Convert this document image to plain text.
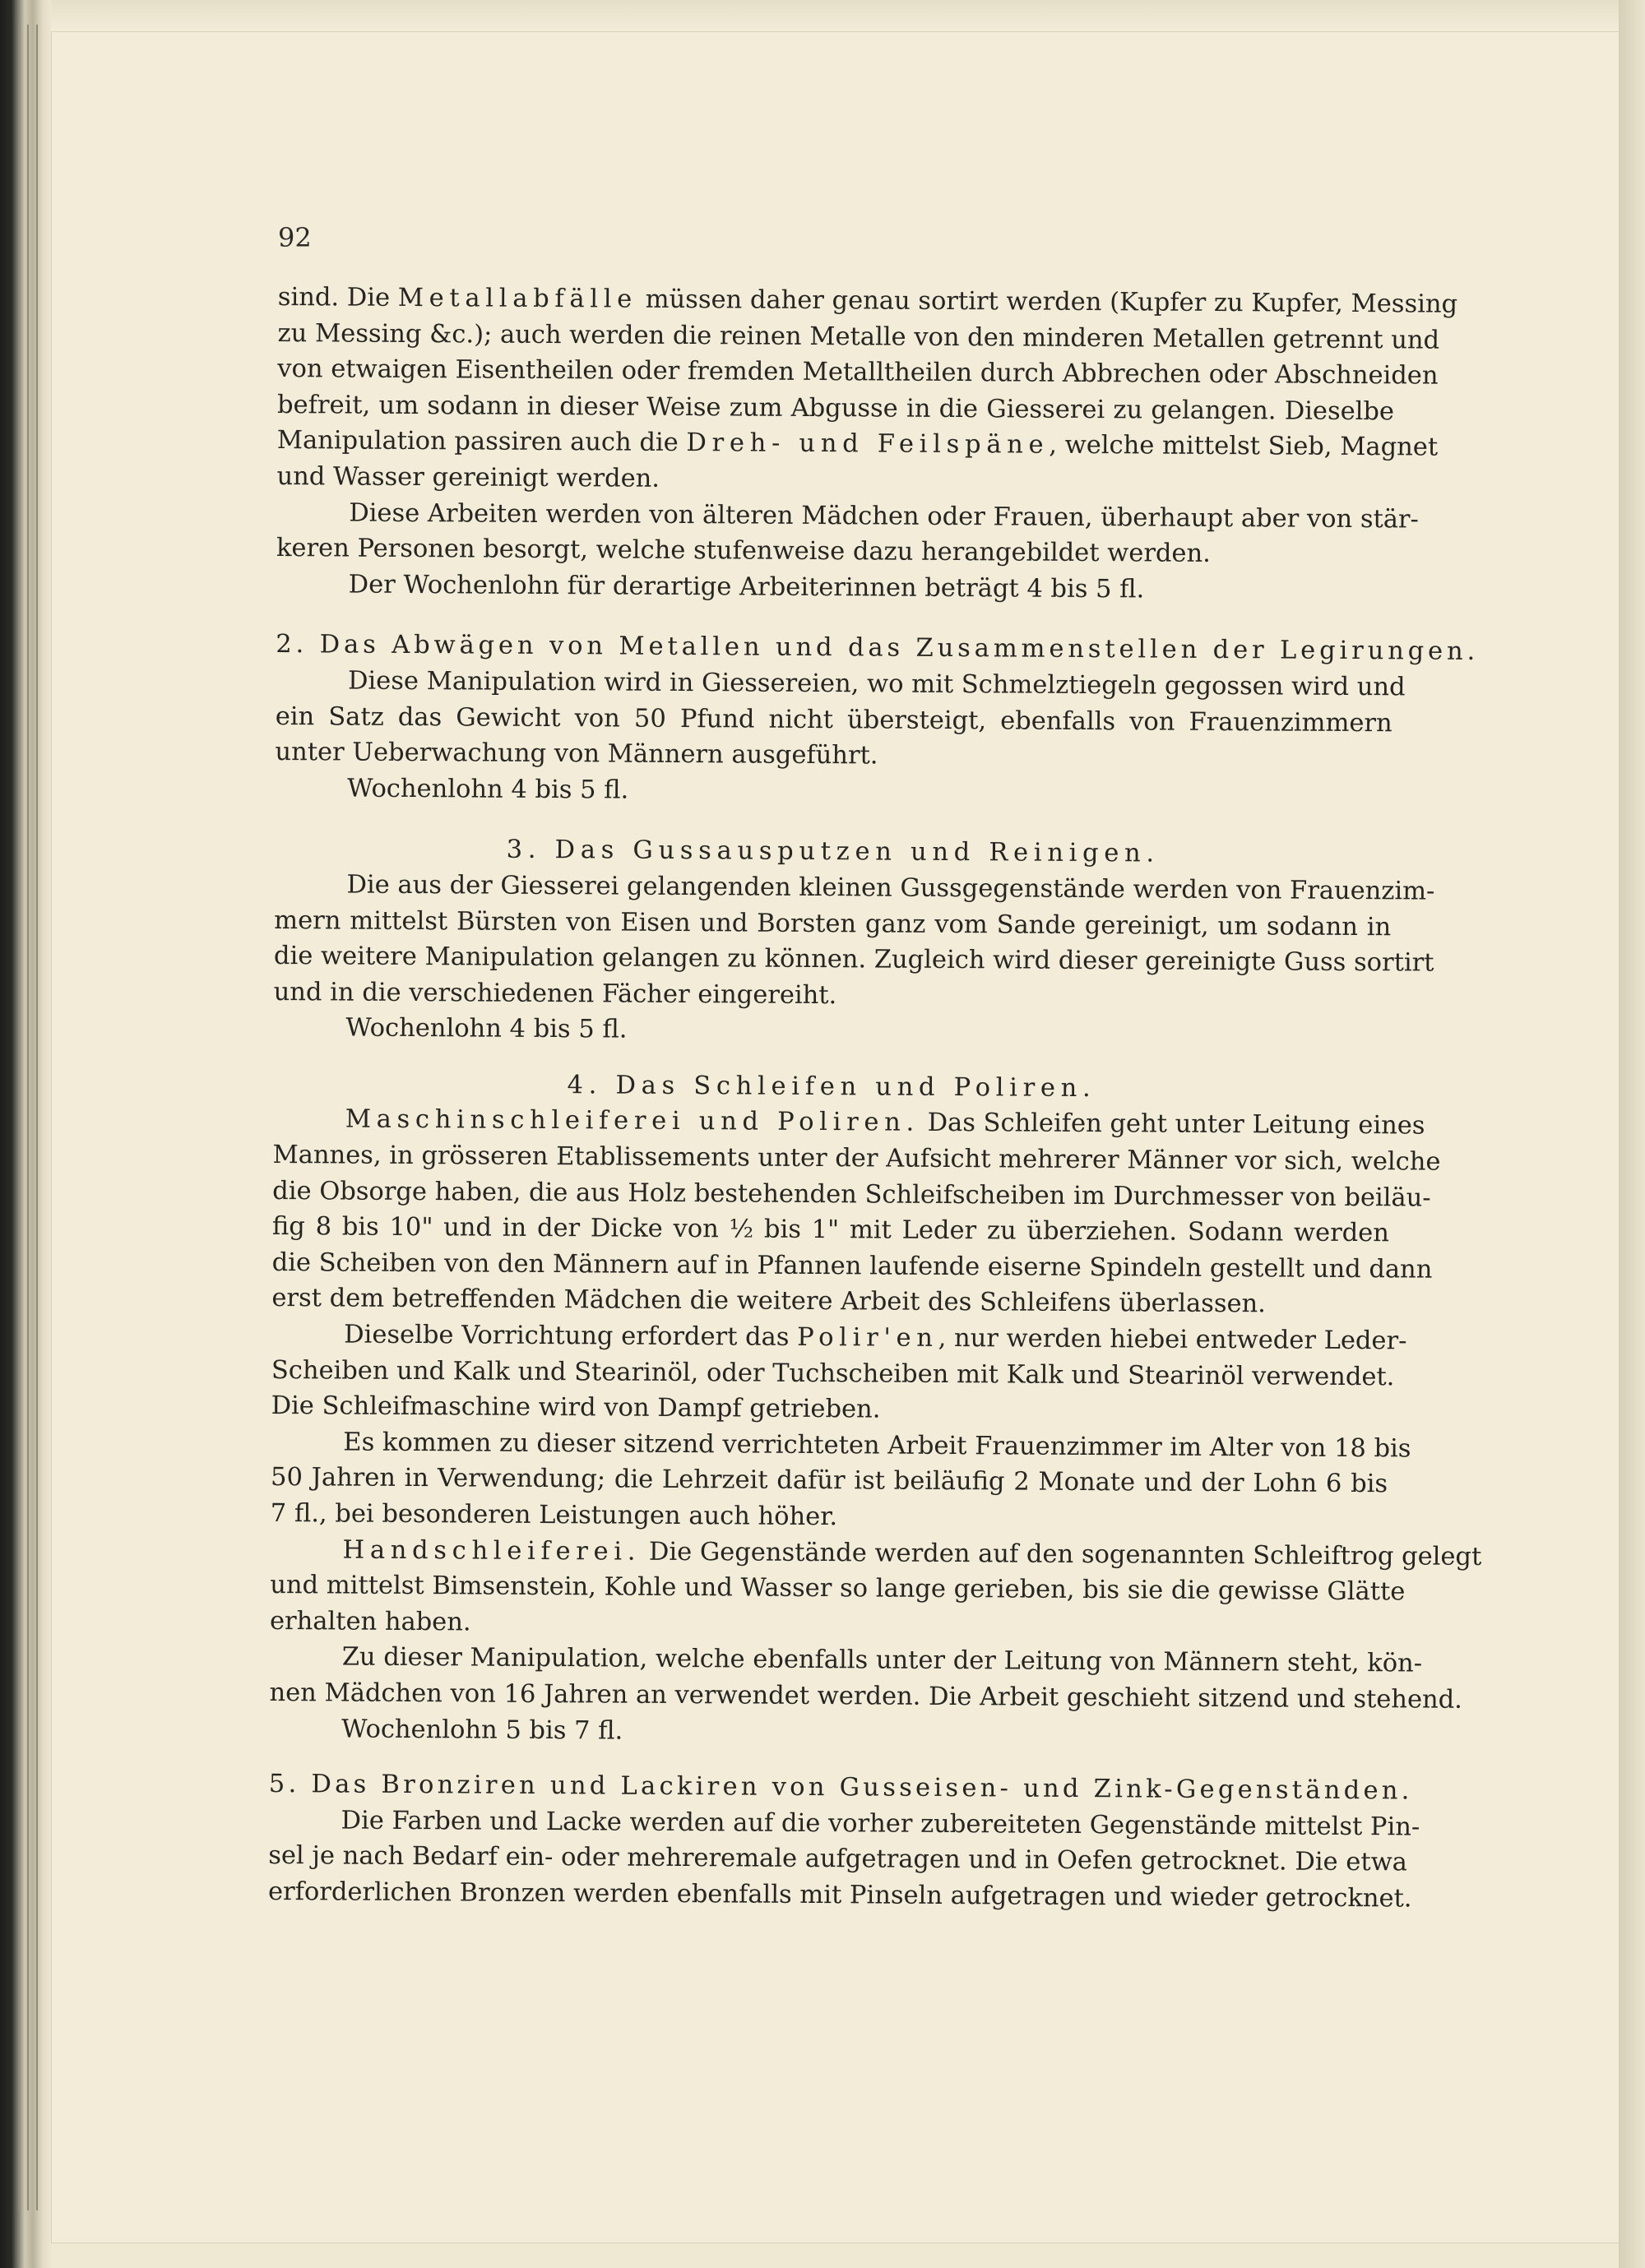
92
sind. Die Metallabfälle müssen daher genau sortirt werden (Kupfer zu Kupfer, Messing
zu Messing &c.); auch werden die reinen Metalle von den minderen Metallen getrennt und
von etwaigen Eisentheilen oder fremden Metalltheilen durch Abbrechen oder Abschneiden
befreit, um sodann in dieser Weise zum Abgusse in die Giesserei zu gelangen. Dieselbe
Manipulation passiren auch die Dreh- und Feilspäne, welche mittelst Sieb, Magnet
und Wasser gereinigt werden.
Diese Arbeiten werden von älteren Mädchen oder Frauen, überhaupt aber von stär-
keren Personen besorgt, welche stufenweise dazu herangebildet werden.
Der Wochenlohn für derartige Arbeiterinnen beträgt 4 bis 5 fl.
2. Das Abwägen von Metallen und das Zusammenstellen der Legirungen.
Diese Manipulation wird in Giessereien, wo mit Schmelztiegeln gegossen wird und
ein Satz das Gewicht von 50 Pfund nicht übersteigt, ebenfalls von Frauenzimmern
unter Ueberwachung von Männern ausgeführt.
Wochenlohn 4 bis 5 fl.
3. Das Gussausputzen und Reinigen.
Die aus der Giesserei gelangenden kleinen Gussgegenstände werden von Frauenzim-
mern mittelst Bürsten von Eisen und Borsten ganz vom Sande gereinigt, um sodann in
die weitere Manipulation gelangen zu können. Zugleich wird dieser gereinigte Guss sortirt
und in die verschiedenen Fächer eingereiht.
Wochenlohn 4 bis 5 fl.
4. Das Schleifen und Poliren.
Maschinschleiferei und Poliren. Das Schleifen geht unter Leitung eines
Mannes, in grösseren Etablissements unter der Aufsicht mehrerer Männer vor sich, welche
die Obsorge haben, die aus Holz bestehenden Schleifscheiben im Durchmesser von beiläu-
fig 8 bis 10" und in der Dicke von ½ bis 1" mit Leder zu überziehen. Sodann werden
die Scheiben von den Männern auf in Pfannen laufende eiserne Spindeln gestellt und dann
erst dem betreffenden Mädchen die weitere Arbeit des Schleifens überlassen.
Dieselbe Vorrichtung erfordert das Polir'en, nur werden hiebei entweder Leder-
Scheiben und Kalk und Stearinöl, oder Tuchscheiben mit Kalk und Stearinöl verwendet.
Die Schleifmaschine wird von Dampf getrieben.
Es kommen zu dieser sitzend verrichteten Arbeit Frauenzimmer im Alter von 18 bis
50 Jahren in Verwendung; die Lehrzeit dafür ist beiläufig 2 Monate und der Lohn 6 bis
7 fl., bei besonderen Leistungen auch höher.
Handschleiferei. Die Gegenstände werden auf den sogenannten Schleiftrog gelegt
und mittelst Bimsenstein, Kohle und Wasser so lange gerieben, bis sie die gewisse Glätte
erhalten haben.
Zu dieser Manipulation, welche ebenfalls unter der Leitung von Männern steht, kön-
nen Mädchen von 16 Jahren an verwendet werden. Die Arbeit geschieht sitzend und stehend.
Wochenlohn 5 bis 7 fl.
5. Das Bronziren und Lackiren von Gusseisen- und Zink-Gegenständen.
Die Farben und Lacke werden auf die vorher zubereiteten Gegenstände mittelst Pin-
sel je nach Bedarf ein- oder mehreremale aufgetragen und in Oefen getrocknet. Die etwa
erforderlichen Bronzen werden ebenfalls mit Pinseln aufgetragen und wieder getrocknet.
